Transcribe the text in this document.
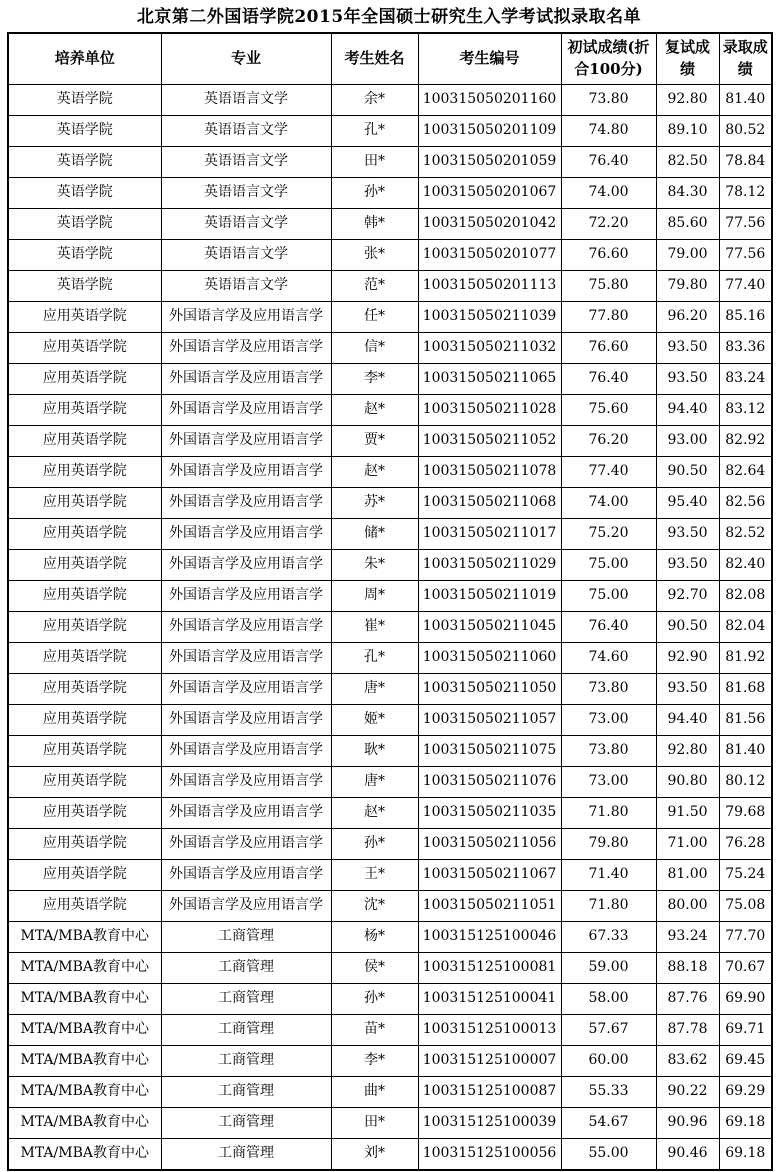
北京第二外国语学院2015年全国硕士研究生入学考试拟录取名单
培养单位	专业	考生姓名	考生编号	初试成绩(折合100分)	复试成绩	录取成绩
英语学院	英语语言文学	余*	100315050201160	73.80	92.80	81.40
英语学院	英语语言文学	孔*	100315050201109	74.80	89.10	80.52
英语学院	英语语言文学	田*	100315050201059	76.40	82.50	78.84
英语学院	英语语言文学	孙*	100315050201067	74.00	84.30	78.12
英语学院	英语语言文学	韩*	100315050201042	72.20	85.60	77.56
英语学院	英语语言文学	张*	100315050201077	76.60	79.00	77.56
英语学院	英语语言文学	范*	100315050201113	75.80	79.80	77.40
应用英语学院	外国语言学及应用语言学	任*	100315050211039	77.80	96.20	85.16
应用英语学院	外国语言学及应用语言学	信*	100315050211032	76.60	93.50	83.36
应用英语学院	外国语言学及应用语言学	李*	100315050211065	76.40	93.50	83.24
应用英语学院	外国语言学及应用语言学	赵*	100315050211028	75.60	94.40	83.12
应用英语学院	外国语言学及应用语言学	贾*	100315050211052	76.20	93.00	82.92
应用英语学院	外国语言学及应用语言学	赵*	100315050211078	77.40	90.50	82.64
应用英语学院	外国语言学及应用语言学	苏*	100315050211068	74.00	95.40	82.56
应用英语学院	外国语言学及应用语言学	储*	100315050211017	75.20	93.50	82.52
应用英语学院	外国语言学及应用语言学	朱*	100315050211029	75.00	93.50	82.40
应用英语学院	外国语言学及应用语言学	周*	100315050211019	75.00	92.70	82.08
应用英语学院	外国语言学及应用语言学	崔*	100315050211045	76.40	90.50	82.04
应用英语学院	外国语言学及应用语言学	孔*	100315050211060	74.60	92.90	81.92
应用英语学院	外国语言学及应用语言学	唐*	100315050211050	73.80	93.50	81.68
应用英语学院	外国语言学及应用语言学	姬*	100315050211057	73.00	94.40	81.56
应用英语学院	外国语言学及应用语言学	耿*	100315050211075	73.80	92.80	81.40
应用英语学院	外国语言学及应用语言学	唐*	100315050211076	73.00	90.80	80.12
应用英语学院	外国语言学及应用语言学	赵*	100315050211035	71.80	91.50	79.68
应用英语学院	外国语言学及应用语言学	孙*	100315050211056	79.80	71.00	76.28
应用英语学院	外国语言学及应用语言学	王*	100315050211067	71.40	81.00	75.24
应用英语学院	外国语言学及应用语言学	沈*	100315050211051	71.80	80.00	75.08
MTA/MBA教育中心	工商管理	杨*	100315125100046	67.33	93.24	77.70
MTA/MBA教育中心	工商管理	侯*	100315125100081	59.00	88.18	70.67
MTA/MBA教育中心	工商管理	孙*	100315125100041	58.00	87.76	69.90
MTA/MBA教育中心	工商管理	苗*	100315125100013	57.67	87.78	69.71
MTA/MBA教育中心	工商管理	李*	100315125100007	60.00	83.62	69.45
MTA/MBA教育中心	工商管理	曲*	100315125100087	55.33	90.22	69.29
MTA/MBA教育中心	工商管理	田*	100315125100039	54.67	90.96	69.18
MTA/MBA教育中心	工商管理	刘*	100315125100056	55.00	90.46	69.18
